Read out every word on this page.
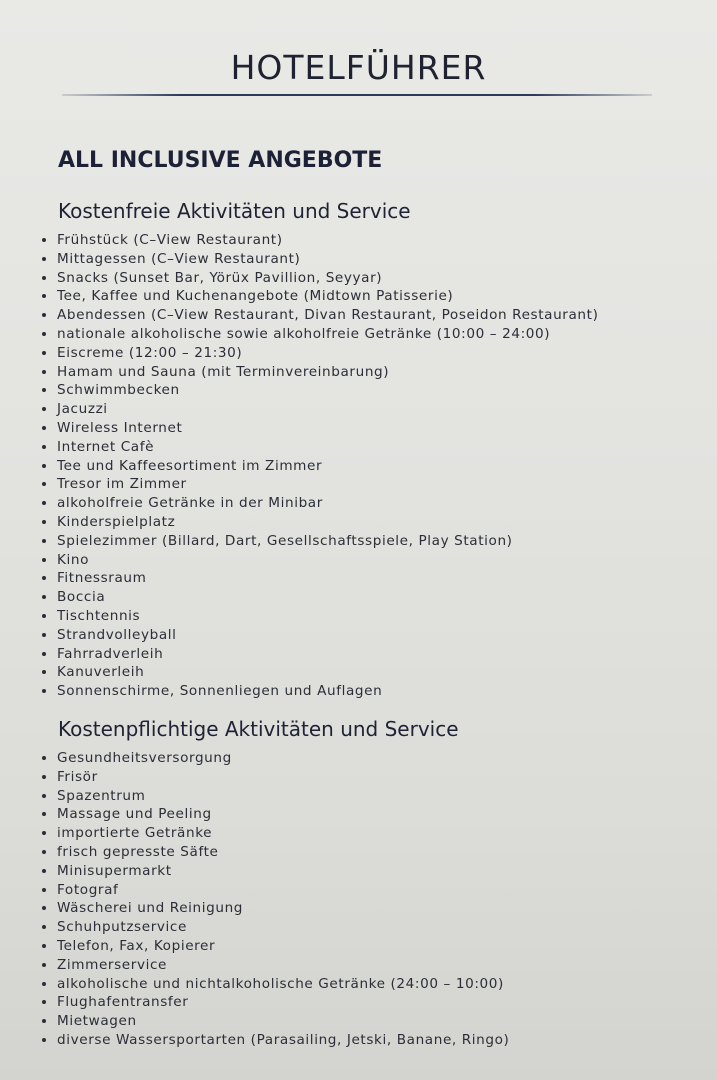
HOTELFÜHRER
ALL INCLUSIVE ANGEBOTE
Kostenfreie Aktivitäten und Service
Frühstück (C–View Restaurant)
Mittagessen (C–View Restaurant)
Snacks (Sunset Bar, Yörüx Pavillion, Seyyar)
Tee, Kaffee und Kuchenangebote (Midtown Patisserie)
Abendessen (C–View Restaurant, Divan Restaurant, Poseidon Restaurant)
nationale alkoholische sowie alkoholfreie Getränke (10:00 – 24:00)
Eiscreme (12:00 – 21:30)
Hamam und Sauna (mit Terminvereinbarung)
Schwimmbecken
Jacuzzi
Wireless Internet
Internet Cafè
Tee und Kaffeesortiment im Zimmer
Tresor im Zimmer
alkoholfreie Getränke in der Minibar
Kinderspielplatz
Spielezimmer (Billard, Dart, Gesellschaftsspiele, Play Station)
Kino
Fitnessraum
Boccia
Tischtennis
Strandvolleyball
Fahrradverleih
Kanuverleih
Sonnenschirme, Sonnenliegen und Auflagen
Kostenpflichtige Aktivitäten und Service
Gesundheitsversorgung
Frisör
Spazentrum
Massage und Peeling
importierte Getränke
frisch gepresste Säfte
Minisupermarkt
Fotograf
Wäscherei und Reinigung
Schuhputzservice
Telefon, Fax, Kopierer
Zimmerservice
alkoholische und nichtalkoholische Getränke (24:00 – 10:00)
Flughafentransfer
Mietwagen
diverse Wassersportarten (Parasailing, Jetski, Banane, Ringo)
